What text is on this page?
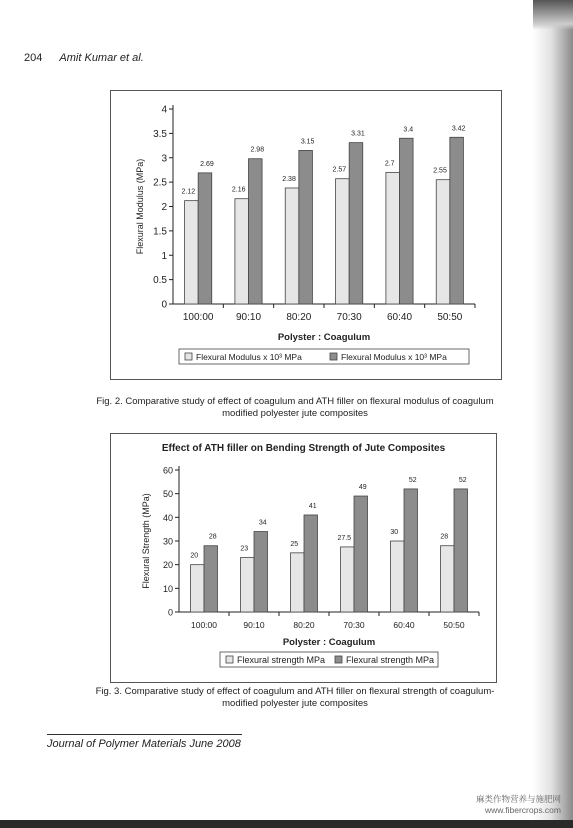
204 Amit Kumar et al.
0
0.5
1
1.5
2
2.5
3
3.5
4
Flexural Modulus (MPa)	2.12
2.69
100:00
2.16
2.98
90:10
2.38
3.15
80:20
2.57
3.31
70:30
2.7
3.4
60:40
2.55
3.42
50:50
Polyster : Coagulum
Flexural Modulus x 10³ MPa	Flexural Modulus x 10³ MPa
Fig. 2. Comparative study of effect of coagulum and ATH filler on flexural modulus of coagulum modified polyester jute composites
Effect of ATH filler on Bending Strength of Jute Composites
0
10
20
30
40
50
60
Flexural Strength (MPa)	20
28
100:00
23
34
90:10
25
41
80:20
27.5
49
70:30
30
52
60:40
28
52
50:50
Polyster : Coagulum
Flexural strength MPa Flexural strength MPa
Fig. 3. Comparative study of effect of coagulum and ATH filler on flexural strength of coagulum-modified polyester jute composites
Journal of Polymer Materials June 2008
麻类作物营养与施肥网
www.fibercrops.com
